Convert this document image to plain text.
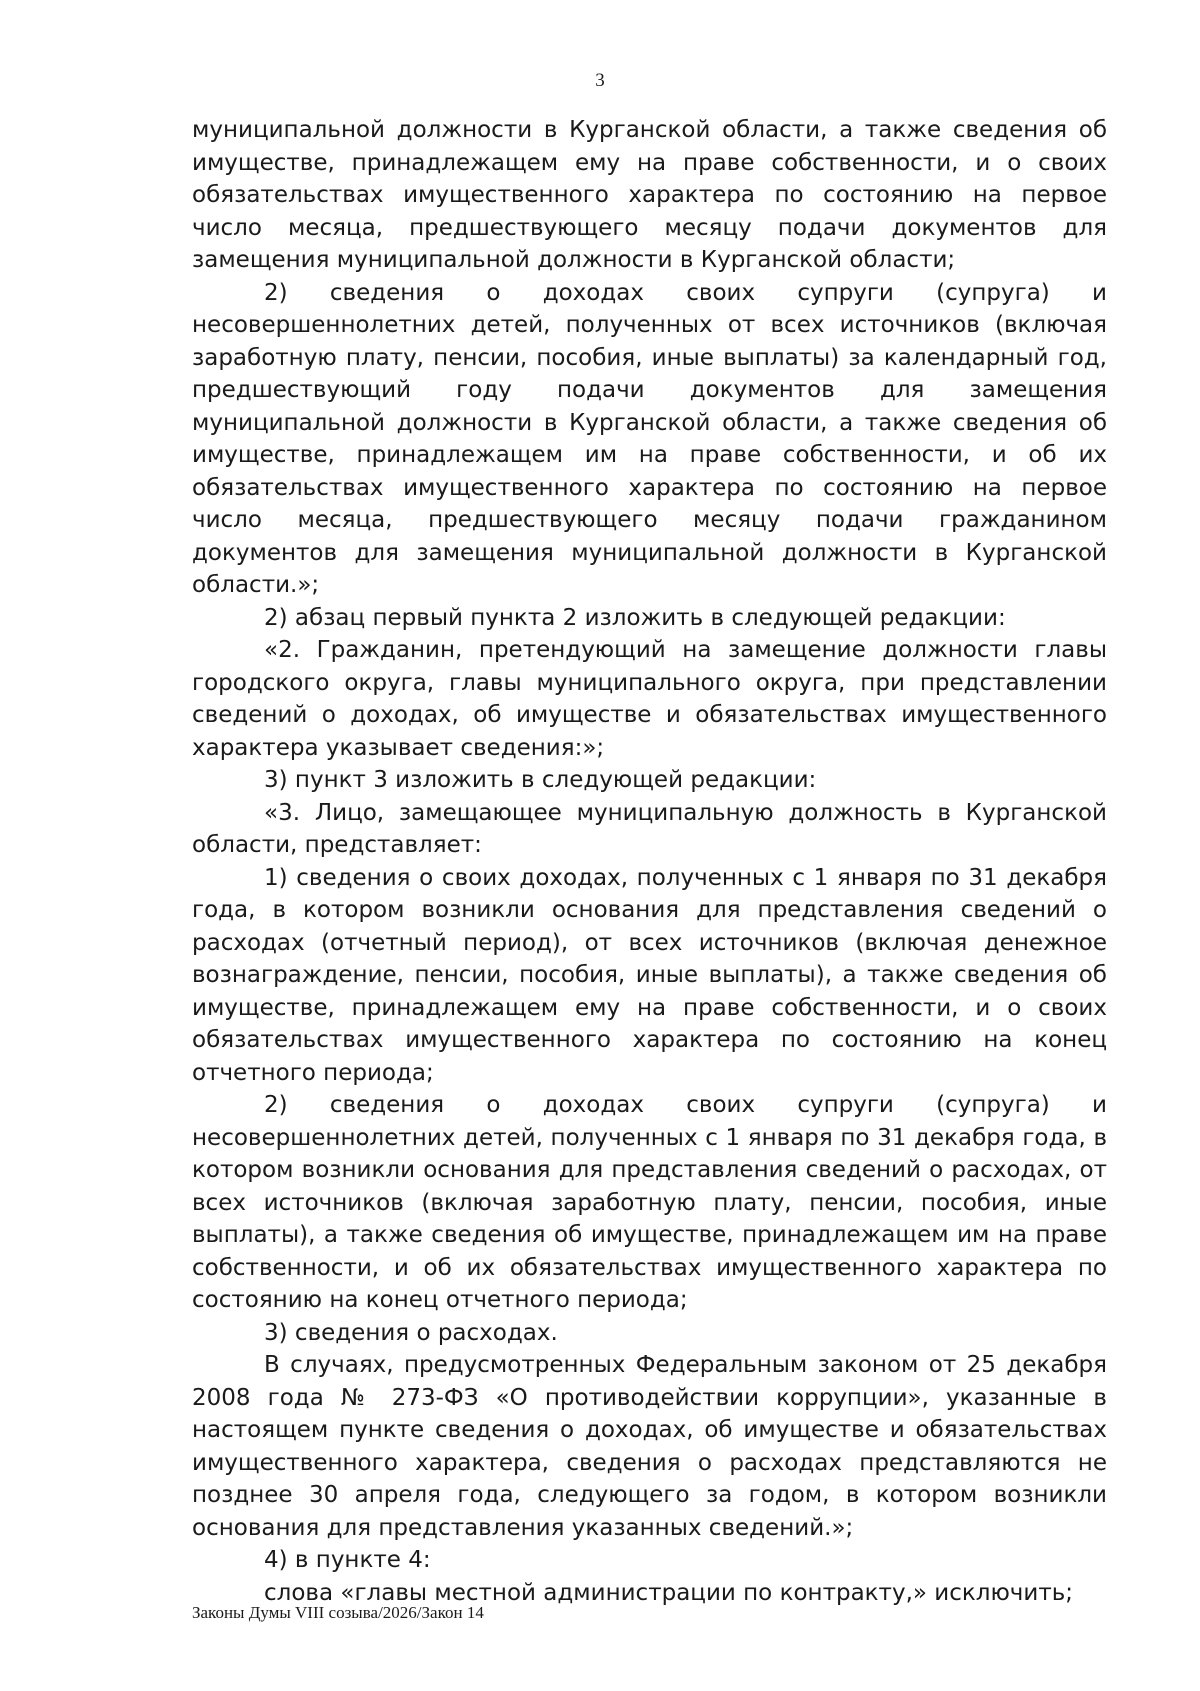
3

муниципальной должности в Курганской области, а также сведения об имуществе, принадлежащем ему на праве собственности, и о своих обязательствах имущественного характера по состоянию на первое число месяца, предшествующего месяцу подачи документов для замещения муниципальной должности в Курганской области;

2) сведения о доходах своих супруги (супруга) и несовершеннолетних детей, полученных от всех источников (включая заработную плату, пенсии, пособия, иные выплаты) за календарный год, предшествующий году подачи документов для замещения муниципальной должности в Курганской области, а также сведения об имуществе, принадлежащем им на праве собственности, и об их обязательствах имущественного характера по состоянию на первое число месяца, предшествующего месяцу подачи гражданином документов для замещения муниципальной должности в Курганской области.»;

2) абзац первый пункта 2 изложить в следующей редакции:

«2. Гражданин, претендующий на замещение должности главы городского округа, главы муниципального округа, при представлении сведений о доходах, об имуществе и обязательствах имущественного характера указывает сведения:»;

3) пункт 3 изложить в следующей редакции:

«3. Лицо, замещающее муниципальную должность в Курганской области, представляет:

1) сведения о своих доходах, полученных с 1 января по 31 декабря года, в котором возникли основания для представления сведений о расходах (отчетный период), от всех источников (включая денежное вознаграждение, пенсии, пособия, иные выплаты), а также сведения об имуществе, принадлежащем ему на праве собственности, и о своих обязательствах имущественного характера по состоянию на конец отчетного периода;

2) сведения о доходах своих супруги (супруга) и несовершеннолетних детей, полученных с 1 января по 31 декабря года, в котором возникли основания для представления сведений о расходах, от всех источников (включая заработную плату, пенсии, пособия, иные выплаты), а также сведения об имуществе, принадлежащем им на праве собственности, и об их обязательствах имущественного характера по состоянию на конец отчетного периода;

3) сведения о расходах.

В случаях, предусмотренных Федеральным законом от 25 декабря 2008 года № 273-ФЗ «О противодействии коррупции», указанные в настоящем пункте сведения о доходах, об имуществе и обязательствах имущественного характера, сведения о расходах представляются не позднее 30 апреля года, следующего за годом, в котором возникли основания для представления указанных сведений.»;

4) в пункте 4:

слова «главы местной администрации по контракту,» исключить;

Законы Думы VIII созыва/2026/Закон 14
